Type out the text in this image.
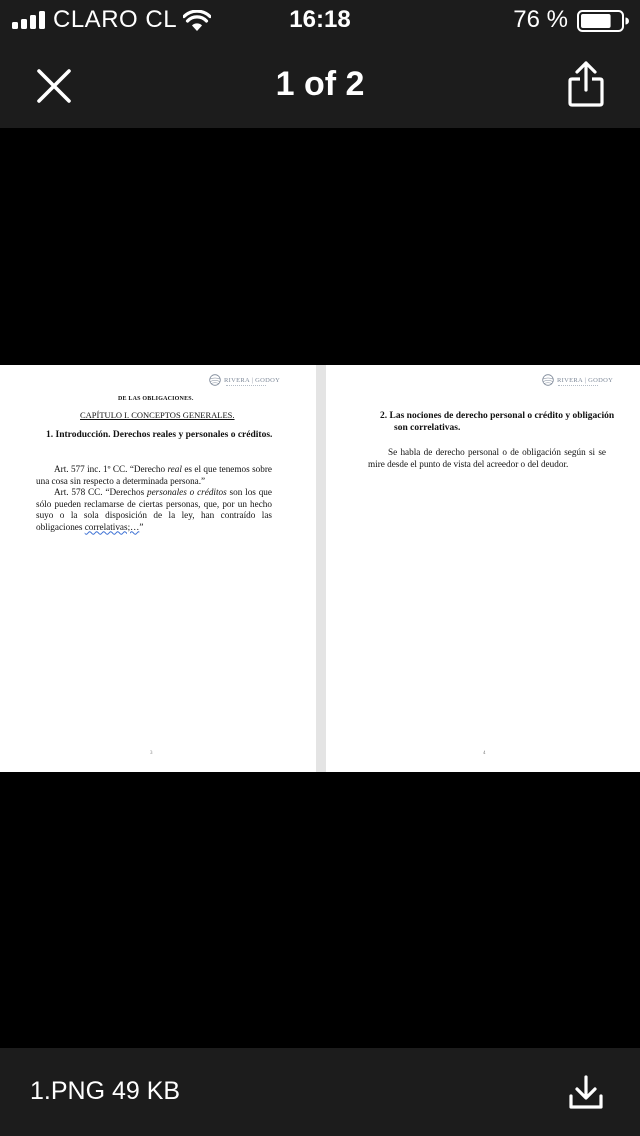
CLARO CL	16:18	76 %
1 of 2
RIVERA | GODOY
DE LAS OBLIGACIONES.
CAPÍTULO I. CONCEPTOS GENERALES.
1. Introducción. Derechos reales y personales o créditos.

Art. 577 inc. 1º CC. “Derecho real es el que tenemos sobre una cosa sin respecto a determinada persona.”

Art. 578 CC. “Derechos personales o créditos son los que sólo pueden reclamarse de ciertas personas, que, por un hecho suyo o la sola disposición de la ley, han contraído las obligaciones correlativas;…”

3
RIVERA | GODOY
2. Las nociones de derecho personal o crédito y obligación son correlativas.
Se habla de derecho personal o de obligación según si se mire desde el punto de vista del acreedor o del deudor.
4
1.PNG 49 KB
